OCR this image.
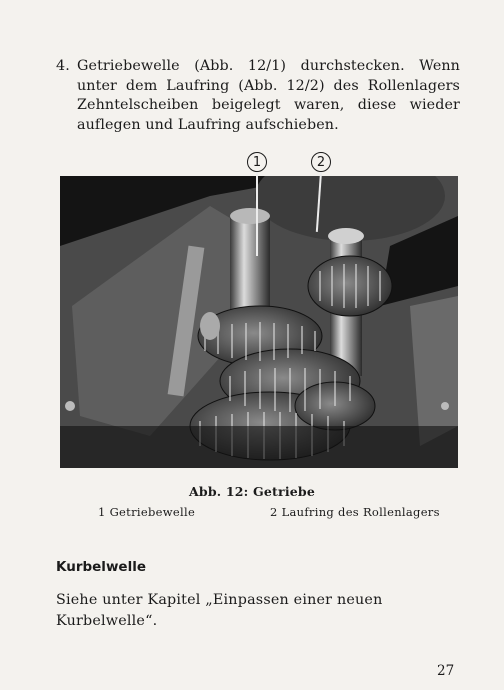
4. Getriebewelle (Abb. 12/1) durchstecken. Wenn unter dem Laufring (Abb. 12/2) des Rollenlagers Zehntelscheiben beigelegt waren, diese wieder auflegen und Laufring aufschieben.
1	2
Abb. 12: Getriebe
1 Getriebewelle	2 Laufring des Rollenlagers
Kurbelwelle
Siehe unter Kapitel „Einpassen einer neuen Kurbelwelle“.
27
